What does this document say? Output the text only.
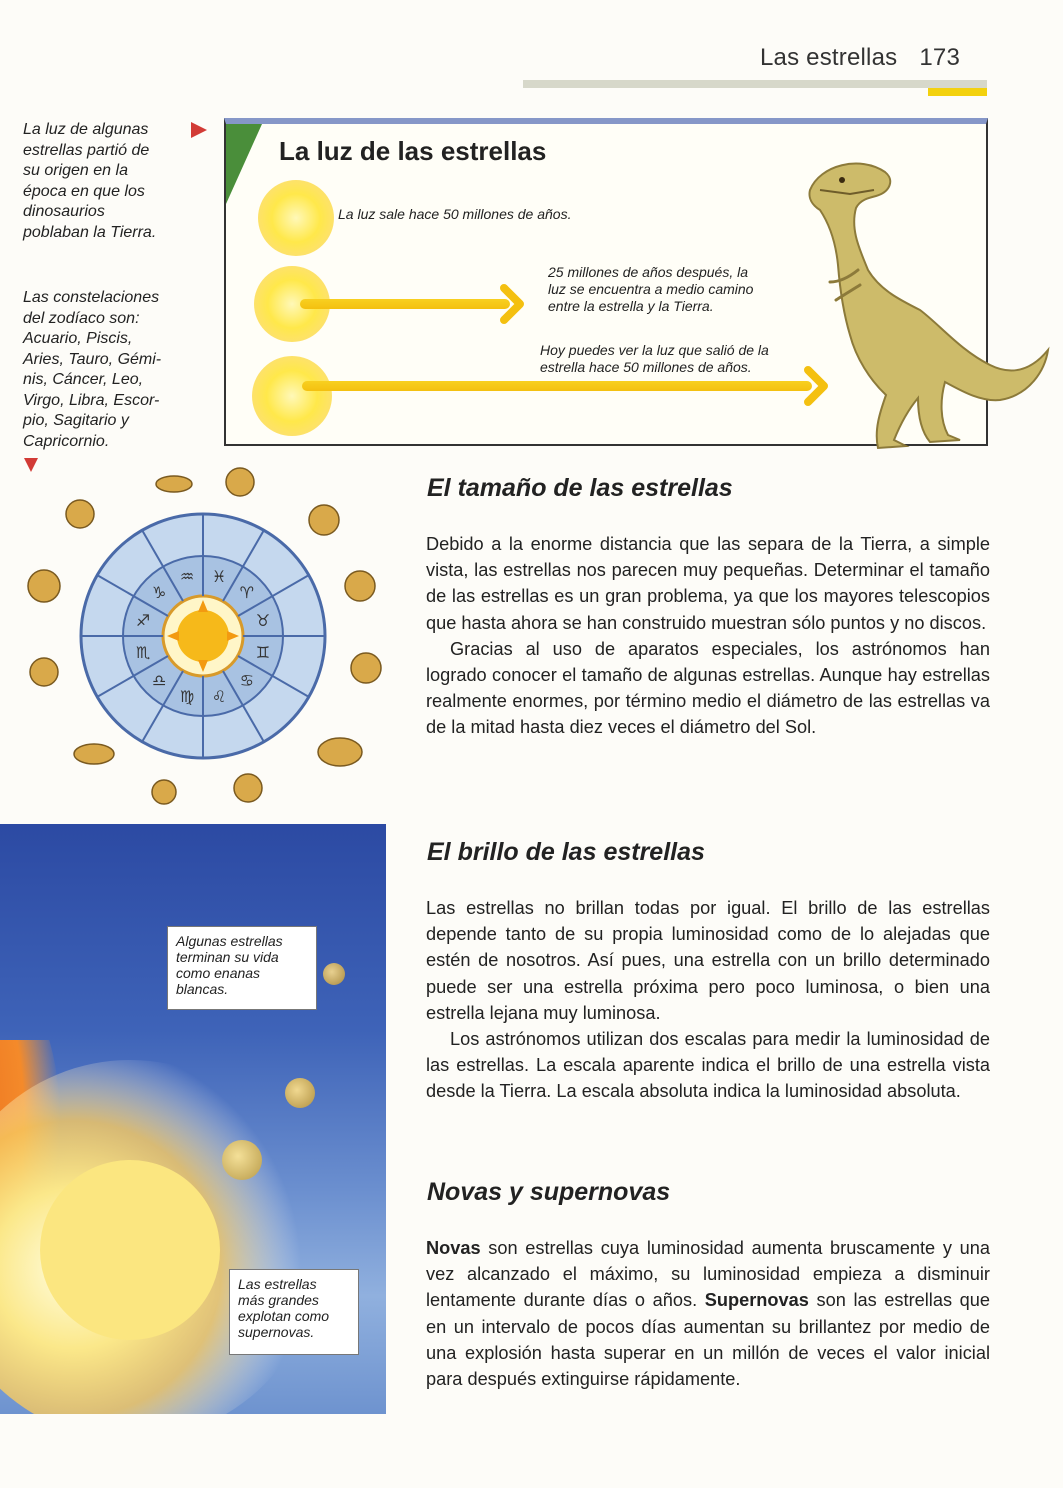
Las estrellas 173
La luz de algunas
estrellas partió de
su origen en la
época en que los
dinosaurios
poblaban la Tierra.
Las constelaciones
del zodíaco son:
Acuario, Piscis,
Aries, Tauro, Gémi-
nis, Cáncer, Leo,
Virgo, Libra, Escor-
pio, Sagitario y
Capricornio.
La luz de las estrellas
La luz sale hace 50 millones de años.
25 millones de años después, la
luz se encuentra a medio camino
entre la estrella y la Tierra.
Hoy puedes ver la luz que salió de la
estrella hace 50 millones de años.
♓
♈
♉
♊
♋
♌
♍
♎
♏
♐
♑
♒
El tamaño de las estrellas

Debido a la enorme distancia que las separa de la Tierra, a simple vista, las estrellas nos parecen muy pequeñas. Determinar el tamaño de las estrellas es un gran problema, ya que los mayores telescopios que hasta ahora se han construido muestran sólo puntos y no discos.

Gracias al uso de aparatos especiales, los astrónomos han logrado conocer el tamaño de algunas estrellas. Aunque hay estrellas realmente enormes, por término medio el diámetro de las estrellas va de la mitad hasta diez veces el diámetro del Sol.

Algunas estrellas
terminan su vida
como enanas
blancas.
Las estrellas
más grandes
explotan como
supernovas.
El brillo de las estrellas

Las estrellas no brillan todas por igual. El brillo de las estrellas depende tanto de su propia luminosidad como de lo alejadas que estén de nosotros. Así pues, una estrella con un brillo determinado puede ser una estrella próxima pero poco luminosa, o bien una estrella lejana muy luminosa.

Los astrónomos utilizan dos escalas para medir la luminosidad de las estrellas. La escala aparente indica el brillo de una estrella vista desde la Tierra. La escala absoluta indica la luminosidad absoluta.

Novas y supernovas

Novas son estrellas cuya luminosidad aumenta bruscamente y una vez alcanzado el máximo, su luminosidad empieza a disminuir lentamente durante días o años. Supernovas son las estrellas que en un intervalo de pocos días aumentan su brillantez por medio de una explosión hasta superar en un millón de veces el valor inicial para después extinguirse rápidamente.
